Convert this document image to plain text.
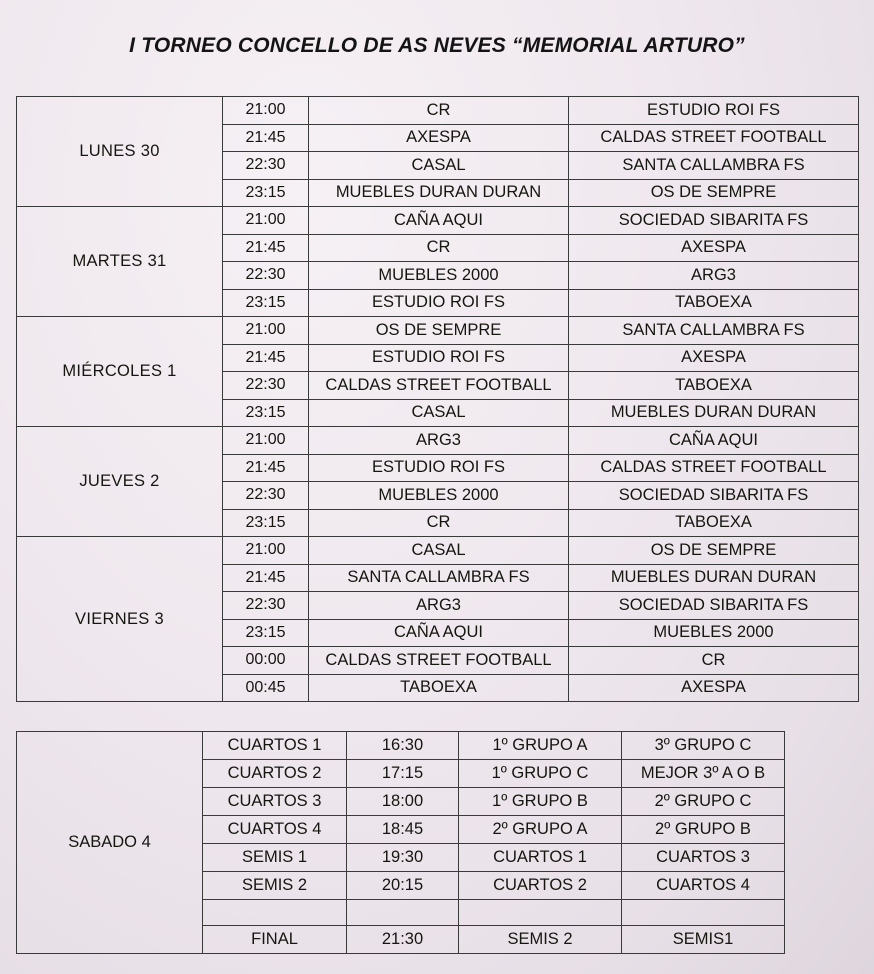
I TORNEO CONCELLO DE AS NEVES “MEMORIAL ARTURO”
LUNES 30	21:00	CR	ESTUDIO ROI FS
	21:45	AXESPA	CALDAS STREET FOOTBALL
	22:30	CASAL	SANTA CALLAMBRA FS
	23:15	MUEBLES DURAN DURAN	OS DE SEMPRE
MARTES 31	21:00	CAÑA AQUI	SOCIEDAD SIBARITA FS
	21:45	CR	AXESPA
	22:30	MUEBLES 2000	ARG3
	23:15	ESTUDIO ROI FS	TABOEXA
MIÉRCOLES 1	21:00	OS DE SEMPRE	SANTA CALLAMBRA FS
	21:45	ESTUDIO ROI FS	AXESPA
	22:30	CALDAS STREET FOOTBALL	TABOEXA
	23:15	CASAL	MUEBLES DURAN DURAN
JUEVES 2	21:00	ARG3	CAÑA AQUI
	21:45	ESTUDIO ROI FS	CALDAS STREET FOOTBALL
	22:30	MUEBLES 2000	SOCIEDAD SIBARITA FS
	23:15	CR	TABOEXA
VIERNES 3	21:00	CASAL	OS DE SEMPRE
	21:45	SANTA CALLAMBRA FS	MUEBLES DURAN DURAN
	22:30	ARG3	SOCIEDAD SIBARITA FS
	23:15	CAÑA AQUI	MUEBLES 2000
	00:00	CALDAS STREET FOOTBALL	CR
	00:45	TABOEXA	AXESPA
SABADO 4	CUARTOS 1	16:30	1º GRUPO A	3º GRUPO C
	CUARTOS 2	17:15	1º GRUPO C	MEJOR 3º A O B
	CUARTOS 3	18:00	1º GRUPO B	2º GRUPO C
	CUARTOS 4	18:45	2º GRUPO A	2º GRUPO B
	SEMIS 1	19:30	CUARTOS 1	CUARTOS 3
	SEMIS 2	20:15	CUARTOS 2	CUARTOS 4

	FINAL	21:30	SEMIS 2	SEMIS1
